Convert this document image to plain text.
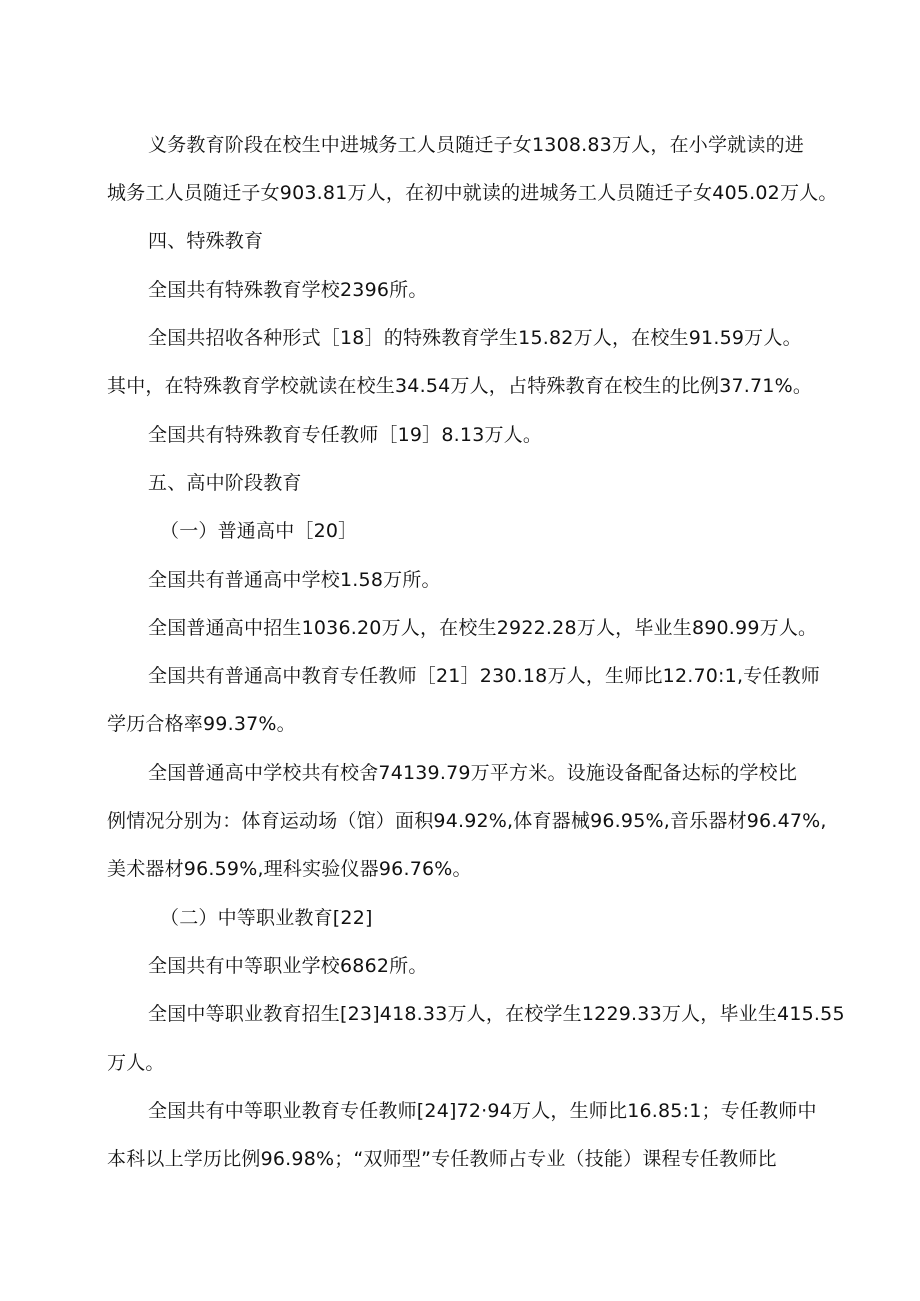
义务教育阶段在校生中进城务工人员随迁子女1308.83万人，在小学就读的进
城务工人员随迁子女903.81万人，在初中就读的进城务工人员随迁子女405.02万人。
四、特殊教育
全国共有特殊教育学校2396所。
全国共招收各种形式［18］的特殊教育学生15.82万人，在校生91.59万人。
其中，在特殊教育学校就读在校生34.54万人，占特殊教育在校生的比例37.71%。
全国共有特殊教育专任教师［19］8.13万人。
五、高中阶段教育
（一）普通高中［20］
全国共有普通高中学校1.58万所。
全国普通高中招生1036.20万人，在校生2922.28万人，毕业生890.99万人。
全国共有普通高中教育专任教师［21］230.18万人，生师比12.70:1,专任教师
学历合格率99.37%。
全国普通高中学校共有校舍74139.79万平方米。设施设备配备达标的学校比
例情况分别为：体育运动场（馆）面积94.92%,体育器械96.95%,音乐器材96.47%,
美术器材96.59%,理科实验仪器96.76%。
（二）中等职业教育[22]
全国共有中等职业学校6862所。
全国中等职业教育招生[23]418.33万人，在校学生1229.33万人，毕业生415.55
万人。
全国共有中等职业教育专任教师[24]72·94万人，生师比16.85:1；专任教师中
本科以上学历比例96.98%；“双师型”专任教师占专业（技能）课程专任教师比
